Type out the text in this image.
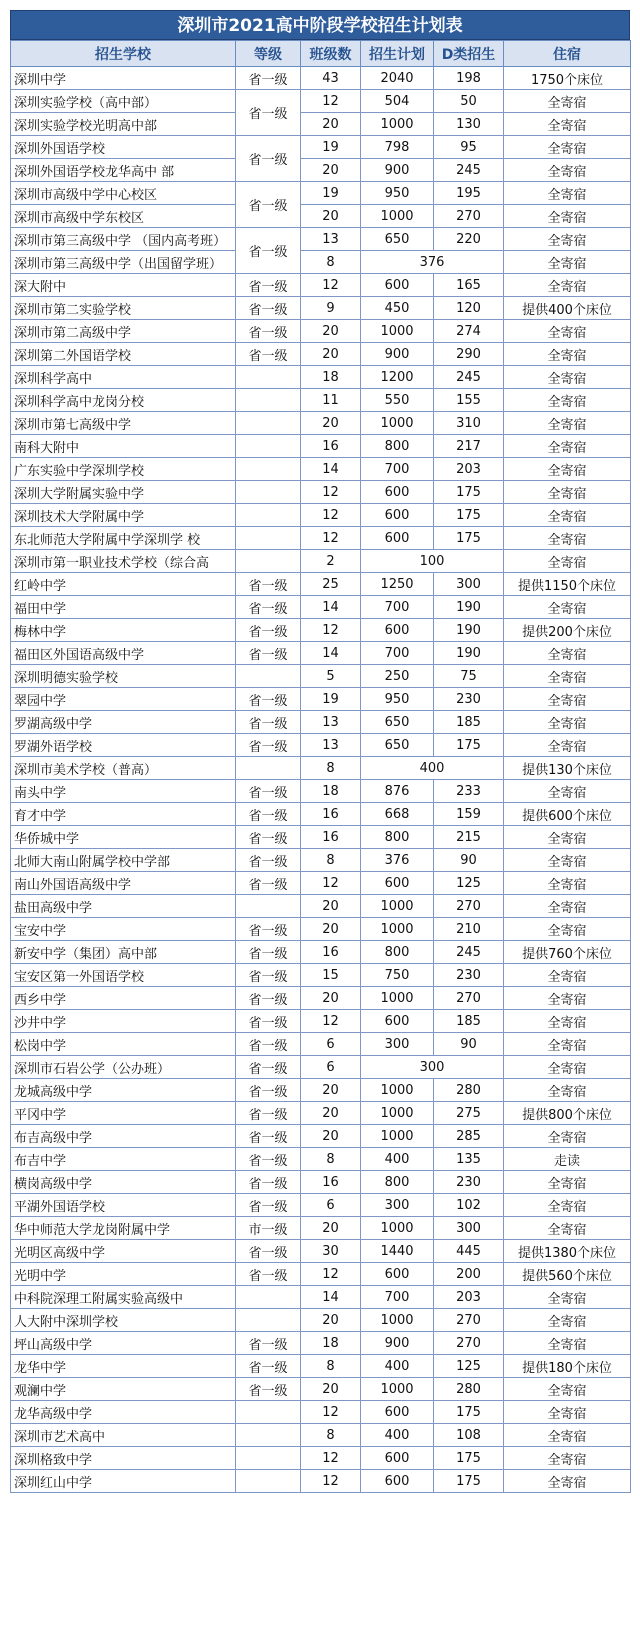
深圳市2021高中阶段学校招生计划表
招生学校	等级	班级数	招生计划	D类招生	住宿
深圳中学	省一级	43	2040	198	1750个床位
深圳实验学校（高中部）	省一级	12	504	50	全寄宿
深圳实验学校光明高中部		20	1000	130	全寄宿
深圳外国语学校	省一级	19	798	95	全寄宿
深圳外国语学校龙华高中 部		20	900	245	全寄宿
深圳市高级中学中心校区	省一级	19	950	195	全寄宿
深圳市高级中学东校区		20	1000	270	全寄宿
深圳市第三高级中学 （国内高考班）	省一级	13	650	220	全寄宿
深圳市第三高级中学（出国留学班）		8	376		全寄宿
深大附中	省一级	12	600	165	全寄宿
深圳市第二实验学校	省一级	9	450	120	提供400个床位
深圳市第二高级中学	省一级	20	1000	274	全寄宿
深圳第二外国语学校	省一级	20	900	290	全寄宿
深圳科学高中		18	1200	245	全寄宿
深圳科学高中龙岗分校		11	550	155	全寄宿
深圳市第七高级中学		20	1000	310	全寄宿
南科大附中		16	800	217	全寄宿
广东实验中学深圳学校		14	700	203	全寄宿
深圳大学附属实验中学		12	600	175	全寄宿
深圳技术大学附属中学		12	600	175	全寄宿
东北师范大学附属中学深圳学 校		12	600	175	全寄宿
深圳市第一职业技术学校（综合高		2	100		全寄宿
红岭中学	省一级	25	1250	300	提供1150个床位
福田中学	省一级	14	700	190	全寄宿
梅林中学	省一级	12	600	190	提供200个床位
福田区外国语高级中学	省一级	14	700	190	全寄宿
深圳明德实验学校		5	250	75	全寄宿
翠园中学	省一级	19	950	230	全寄宿
罗湖高级中学	省一级	13	650	185	全寄宿
罗湖外语学校	省一级	13	650	175	全寄宿
深圳市美术学校（普高）		8	400		提供130个床位
南头中学	省一级	18	876	233	全寄宿
育才中学	省一级	16	668	159	提供600个床位
华侨城中学	省一级	16	800	215	全寄宿
北师大南山附属学校中学部	省一级	8	376	90	全寄宿
南山外国语高级中学	省一级	12	600	125	全寄宿
盐田高级中学		20	1000	270	全寄宿
宝安中学	省一级	20	1000	210	全寄宿
新安中学（集团）高中部	省一级	16	800	245	提供760个床位
宝安区第一外国语学校	省一级	15	750	230	全寄宿
西乡中学	省一级	20	1000	270	全寄宿
沙井中学	省一级	12	600	185	全寄宿
松岗中学	省一级	6	300	90	全寄宿
深圳市石岩公学（公办班）	省一级	6	300		全寄宿
龙城高级中学	省一级	20	1000	280	全寄宿
平冈中学	省一级	20	1000	275	提供800个床位
布吉高级中学	省一级	20	1000	285	全寄宿
布吉中学	省一级	8	400	135	走读
横岗高级中学	省一级	16	800	230	全寄宿
平湖外国语学校	省一级	6	300	102	全寄宿
华中师范大学龙岗附属中学	市一级	20	1000	300	全寄宿
光明区高级中学	省一级	30	1440	445	提供1380个床位
光明中学	省一级	12	600	200	提供560个床位
中科院深理工附属实验高级中		14	700	203	全寄宿
人大附中深圳学校		20	1000	270	全寄宿
坪山高级中学	省一级	18	900	270	全寄宿
龙华中学	省一级	8	400	125	提供180个床位
观澜中学	省一级	20	1000	280	全寄宿
龙华高级中学		12	600	175	全寄宿
深圳市艺术高中		8	400	108	全寄宿
深圳格致中学		12	600	175	全寄宿
深圳红山中学		12	600	175	全寄宿
